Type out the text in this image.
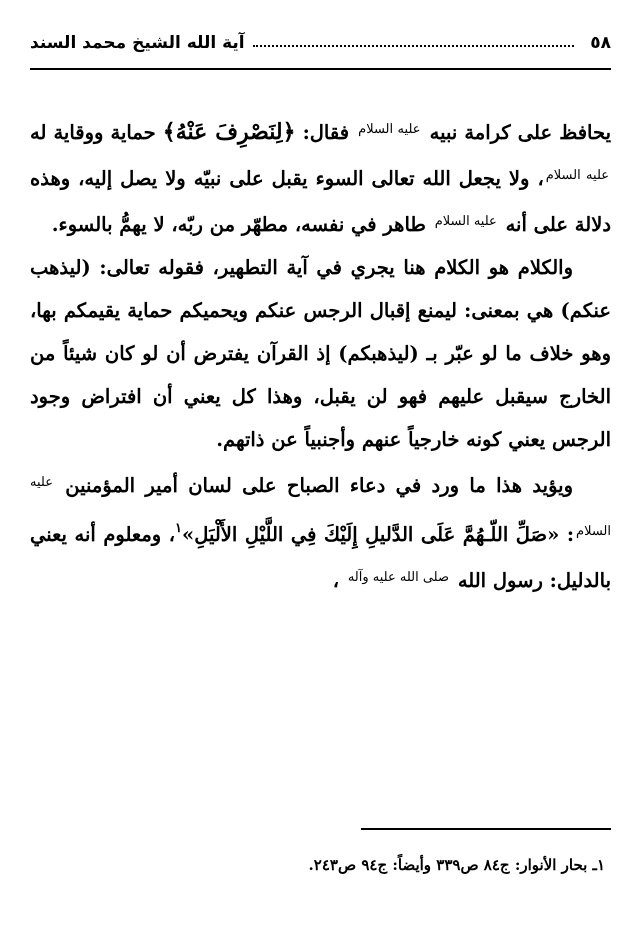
٥٨
آية الله الشيخ محمد السند

يحافظ على كرامة نبيه $^{عليه السلام}$ فقال: ﴿لِنَصْرِفَ عَنْهُ﴾ حماية ووقاية له $^{عليه السلام}$، ولا يجعل الله تعالى السوء يقبل على نبيّه ولا يصل إليه، وهذه دلالة على أنه $^{عليه السلام}$ طاهر في نفسه، مطهّر من ربّه، لا يهمُّ بالسوء.

والكلام هو الكلام هنا يجري في آية التطهير، فقوله تعالى: (ليذهب عنكم) هي بمعنى: ليمنع إقبال الرجس عنكم ويحميكم حماية يقيمكم بها، وهو خلاف ما لو عبّر بـ (ليذهبكم) إذ القرآن يفترض أن لو كان شيئاً من الخارج سيقبل عليهم فهو لن يقبل، وهذا كل يعني أن افتراض وجود الرجس يعني كونه خارجياً عنهم وأجنبياً عن ذاتهم.

ويؤيد هذا ما ورد في دعاء الصباح على لسان أمير المؤمنين $^{عليه السلام}$: «صَلِّ اللّـهُمَّ عَلَى الدَّليلِ إِلَيْكَ فِي اللَّيْلِ الأَلْيَلِ»$^١$، ومعلوم أنه يعني بالدليل: رسول الله $^{صلى الله عليه وآله}$ ،

١ـ بحار الأنوار: ج٨٤ ص٣٣٩ وأيضاً: ج٩٤ ص٢٤٣.
